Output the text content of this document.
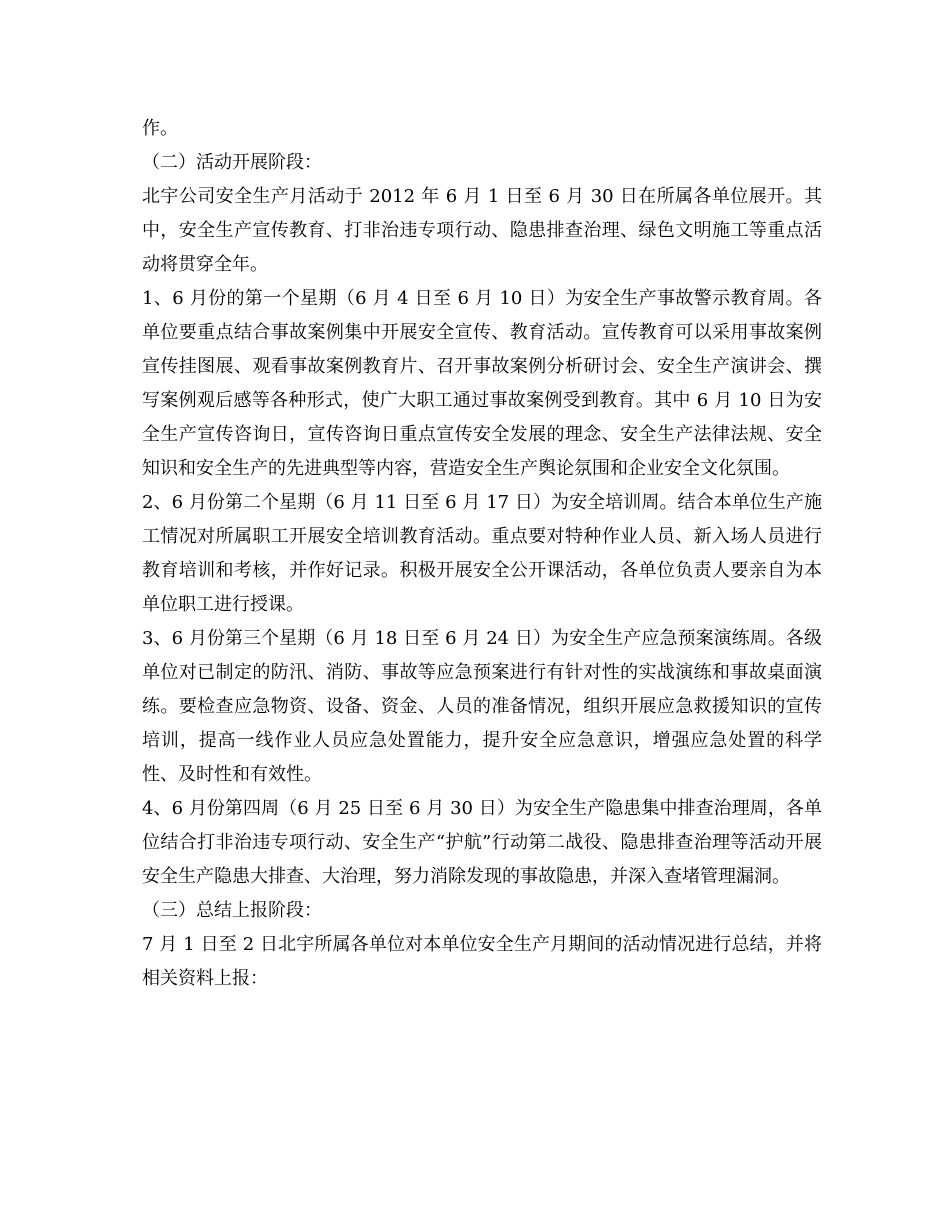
作。

（二）活动开展阶段：

北宇公司安全生产月活动于 2012 年 6 月 1 日至 6 月 30 日在所属各单位展开。其中，安全生产宣传教育、打非治违专项行动、隐患排查治理、绿色文明施工等重点活动将贯穿全年。

1、6 月份的第一个星期（6 月 4 日至 6 月 10 日）为安全生产事故警示教育周。各单位要重点结合事故案例集中开展安全宣传、教育活动。宣传教育可以采用事故案例宣传挂图展、观看事故案例教育片、召开事故案例分析研讨会、安全生产演讲会、撰写案例观后感等各种形式，使广大职工通过事故案例受到教育。其中 6 月 10 日为安全生产宣传咨询日，宣传咨询日重点宣传安全发展的理念、安全生产法律法规、安全知识和安全生产的先进典型等内容，营造安全生产舆论氛围和企业安全文化氛围。

2、6 月份第二个星期（6 月 11 日至 6 月 17 日）为安全培训周。结合本单位生产施工情况对所属职工开展安全培训教育活动。重点要对特种作业人员、新入场人员进行教育培训和考核，并作好记录。积极开展安全公开课活动，各单位负责人要亲自为本单位职工进行授课。

3、6 月份第三个星期（6 月 18 日至 6 月 24 日）为安全生产应急预案演练周。各级单位对已制定的防汛、消防、事故等应急预案进行有针对性的实战演练和事故桌面演练。要检查应急物资、设备、资金、人员的准备情况，组织开展应急救援知识的宣传培训，提高一线作业人员应急处置能力，提升安全应急意识，增强应急处置的科学性、及时性和有效性。

4、6 月份第四周（6 月 25 日至 6 月 30 日）为安全生产隐患集中排查治理周，各单位结合打非治违专项行动、安全生产“护航”行动第二战役、隐患排查治理等活动开展安全生产隐患大排查、大治理，努力消除发现的事故隐患，并深入查堵管理漏洞。

（三）总结上报阶段：

7 月 1 日至 2 日北宇所属各单位对本单位安全生产月期间的活动情况进行总结，并将相关资料上报：
